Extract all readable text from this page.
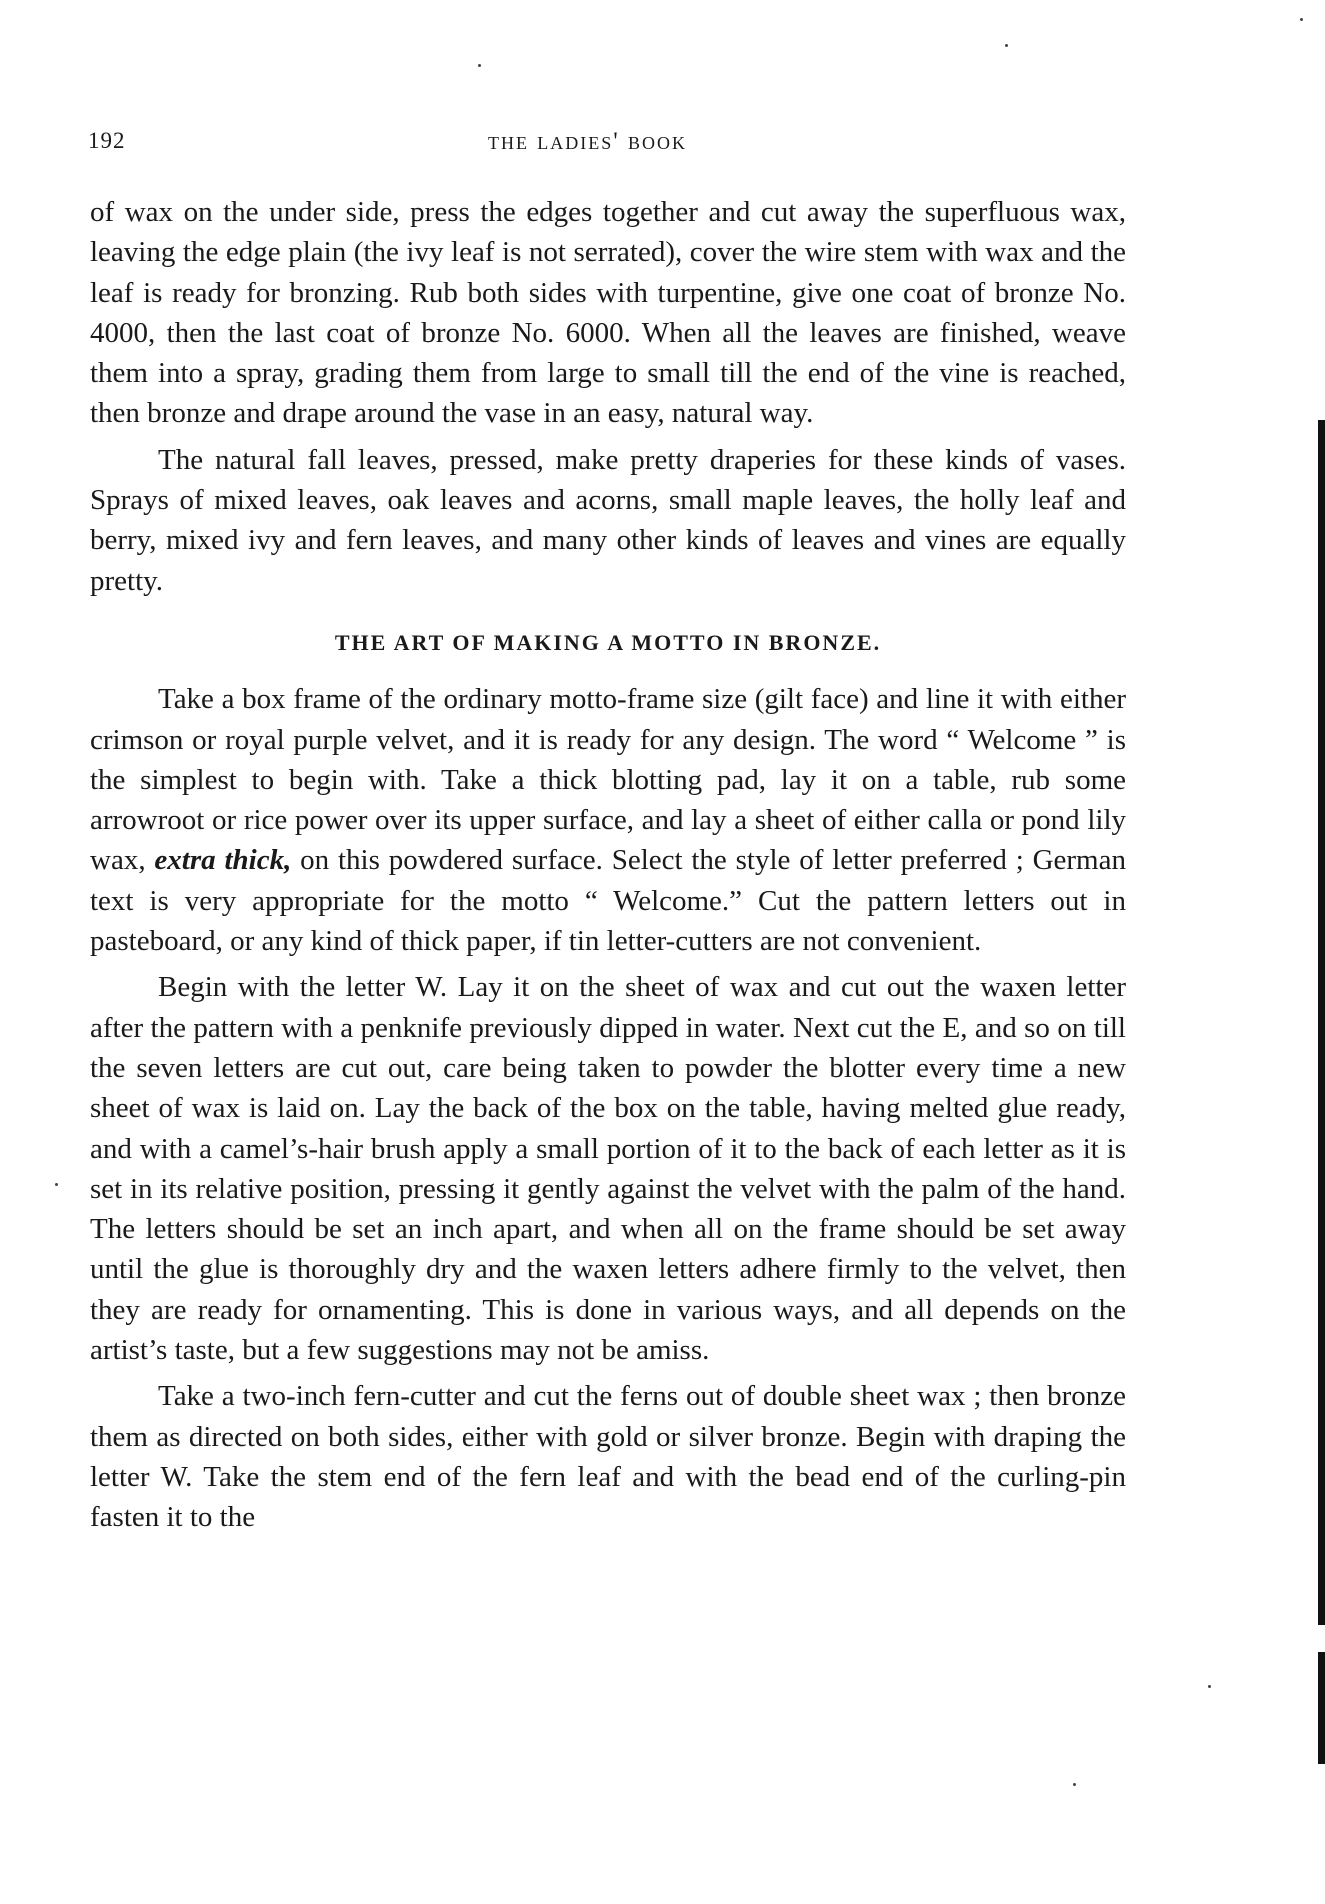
192	the ladies' book

of wax on the under side, press the edges together and cut away the superfluous wax, leaving the edge plain (the ivy leaf is not serrated), cover the wire stem with wax and the leaf is ready for bronzing. Rub both sides with turpentine, give one coat of bronze No. 4000, then the last coat of bronze No. 6000. When all the leaves are finished, weave them into a spray, grading them from large to small till the end of the vine is reached, then bronze and drape around the vase in an easy, natural way.

The natural fall leaves, pressed, make pretty draperies for these kinds of vases. Sprays of mixed leaves, oak leaves and acorns, small maple leaves, the holly leaf and berry, mixed ivy and fern leaves, and many other kinds of leaves and vines are equally pretty.

THE ART OF MAKING A MOTTO IN BRONZE.

Take a box frame of the ordinary motto-frame size (gilt face) and line it with either crimson or royal purple velvet, and it is ready for any design. The word “ Welcome ” is the simplest to begin with. Take a thick blotting pad, lay it on a table, rub some arrowroot or rice power over its upper surface, and lay a sheet of either calla or pond lily wax, extra thick, on this powdered surface. Select the style of letter preferred ; German text is very appropriate for the motto “ Welcome.” Cut the pattern letters out in pasteboard, or any kind of thick paper, if tin letter-cutters are not convenient.

Begin with the letter W. Lay it on the sheet of wax and cut out the waxen letter after the pattern with a penknife previously dipped in water. Next cut the E, and so on till the seven letters are cut out, care being taken to powder the blotter every time a new sheet of wax is laid on. Lay the back of the box on the table, having melted glue ready, and with a camel’s-hair brush apply a small portion of it to the back of each letter as it is set in its relative position, pressing it gently against the velvet with the palm of the hand. The letters should be set an inch apart, and when all on the frame should be set away until the glue is thoroughly dry and the waxen letters adhere firmly to the velvet, then they are ready for ornamenting. This is done in various ways, and all depends on the artist’s taste, but a few suggestions may not be amiss.

Take a two-inch fern-cutter and cut the ferns out of double sheet wax ; then bronze them as directed on both sides, either with gold or silver bronze. Begin with draping the letter W. Take the stem end of the fern leaf and with the bead end of the curling-pin fasten it to the
